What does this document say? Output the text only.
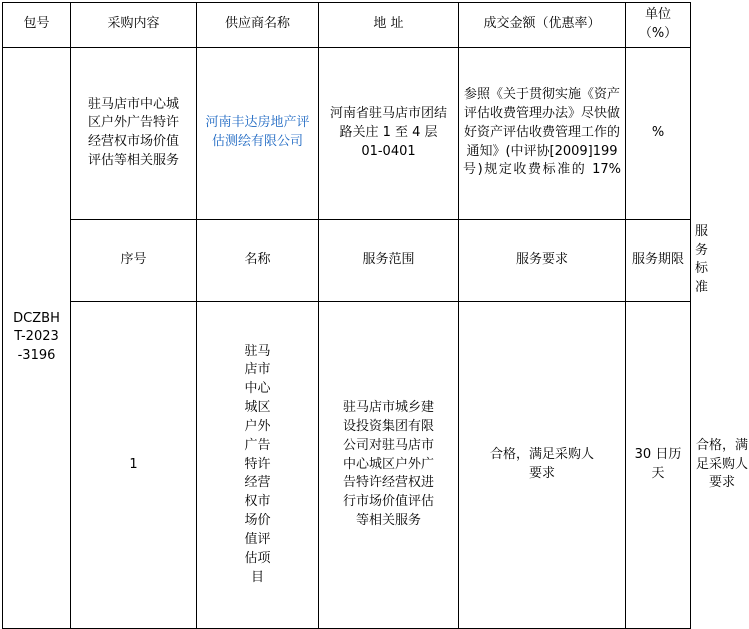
包号	采购内容	供应商名称	地 址	成交金额（优惠率）	单位（%）	

DCZBHT-2023-3196	驻马店市中心城区户外广告特许经营权市场价值评估等相关服务	河南丰达房地产评估测绘有限公司	河南省驻马店市团结路关庄 1 至 4 层 01-0401	参照《关于贯彻实施《资产评估收费管理办法》尽快做好资产评估收费管理工作的通知》(中评协[2009]199号)规定收费标准的 17%	%	
	序号	名称	服务范围	服务要求	服务期限	服务标准
	1	驻马店市中心城区户外广告特许经营权市场价值评估项目	驻马店市城乡建设投资集团有限公司对驻马店市中心城区户外广告特许经营权进行市场价值评估等相关服务	合格，满足采购人要求	30 日历天	合格，满足采购人要求
